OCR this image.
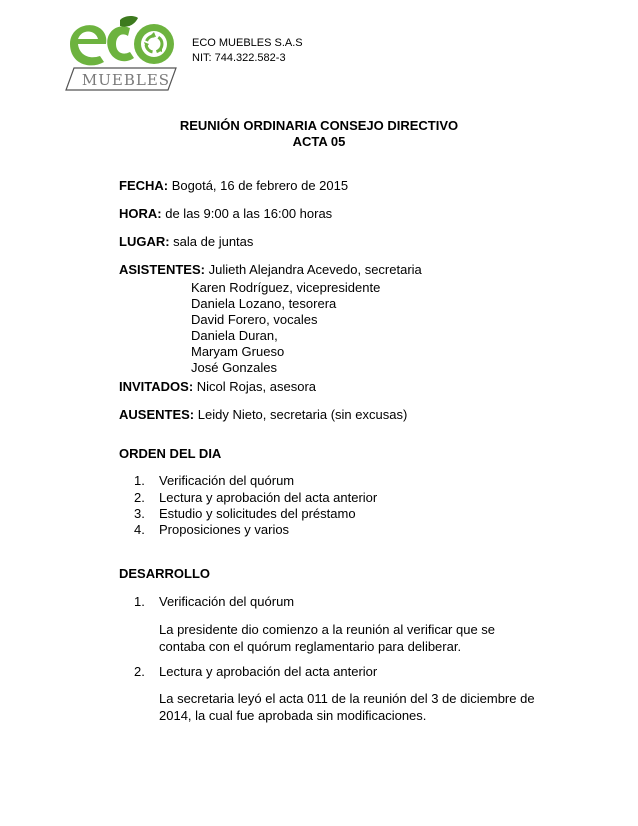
MUEBLES
ECO MUEBLES S.A.S
NIT: 744.322.582-3
REUNIÓN ORDINARIA CONSEJO DIRECTIVO
ACTA 05
FECHA: Bogotá, 16 de febrero de 2015
HORA: de las 9:00 a las 16:00 horas
LUGAR: sala de juntas
ASISTENTES: Julieth Alejandra Acevedo, secretaria
Karen Rodríguez, vicepresidente
Daniela Lozano, tesorera
David Forero, vocales
Daniela Duran,
Maryam Grueso
José Gonzales
INVITADOS: Nicol Rojas, asesora
AUSENTES: Leidy Nieto, secretaria (sin excusas)
ORDEN DEL DIA
1. Verificación del quórum
2. Lectura y aprobación del acta anterior
3. Estudio y solicitudes del préstamo
4. Proposiciones y varios
DESARROLLO
1. Verificación del quórum
La presidente dio comienzo a la reunión al verificar que se contaba con el quórum reglamentario para deliberar.
2. Lectura y aprobación del acta anterior
La secretaria leyó el acta 011 de la reunión del 3 de diciembre de 2014, la cual fue aprobada sin modificaciones.
